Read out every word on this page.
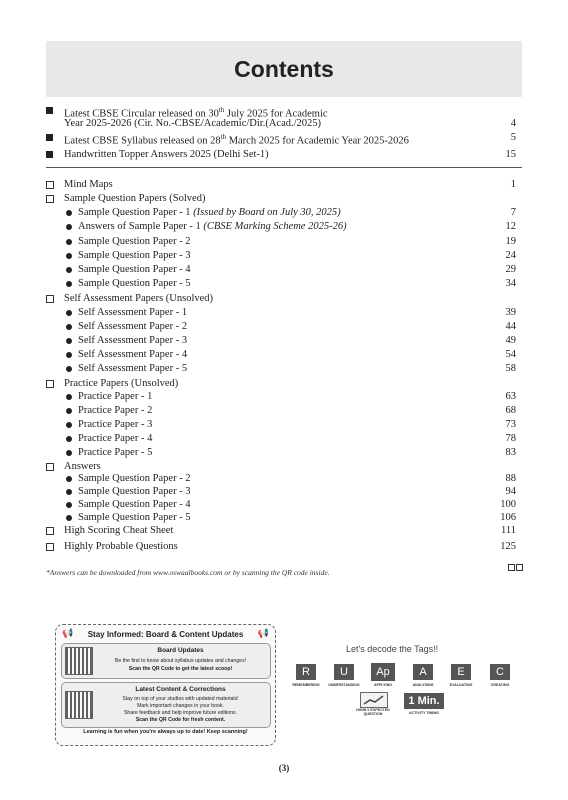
Contents
Latest CBSE Circular released on 30th July 2025 for Academic
Year 2025-2026 (Cir. No.-CBSE/Academic/Dir.(Acad./2025)	4
Latest CBSE Syllabus released on 28th March 2025 for Academic Year 2025-2026	5
Handwritten Topper Answers 2025 (Delhi Set-1)	15
Mind Maps	1
Sample Question Papers (Solved)
Sample Question Paper - 1 (Issued by Board on July 30, 2025)	7
Answers of Sample Paper - 1 (CBSE Marking Scheme 2025-26)	12
Sample Question Paper - 2	19
Sample Question Paper - 3	24
Sample Question Paper - 4	29
Sample Question Paper - 5	34
Self Assessment Papers (Unsolved)
Self Assessment Paper - 1	39
Self Assessment Paper - 2	44
Self Assessment Paper - 3	49
Self Assessment Paper - 4	54
Self Assessment Paper - 5	58
Practice Papers (Unsolved)
Practice Paper - 1	63
Practice Paper - 2	68
Practice Paper - 3	73
Practice Paper - 4	78
Practice Paper - 5	83
Answers
Sample Question Paper - 2	88
Sample Question Paper - 3	94
Sample Question Paper - 4	100
Sample Question Paper - 5	106
High Scoring Cheat Sheet	111
Highly Probable Questions	125
*Answers can be downloaded from www.oswaalbooks.com or by scanning the QR code inside.
📢	Stay Informed: Board & Content Updates	📢
Board Updates
Be the first to know about syllabus updates and changes!
Scan the QR Code to get the latest scoop!
Latest Content & Corrections
Stay on top of your studies with updated materials!
Mark important changes in your book.
Share feedback and help improve future editions.
Scan the QR Code for fresh content.
Learning is fun when you're always up to date! Keep scanning!
Let's decode the Tags!!
R
REMEMBERING
U
UNDERSTANDING
Ap
APPLYING
A
ANALYSING
E
EVALUATING
C
CREATING
HIGHLY EXPECTED QUESTION
1 Min.
ACTIVITY TIMING
(3)
